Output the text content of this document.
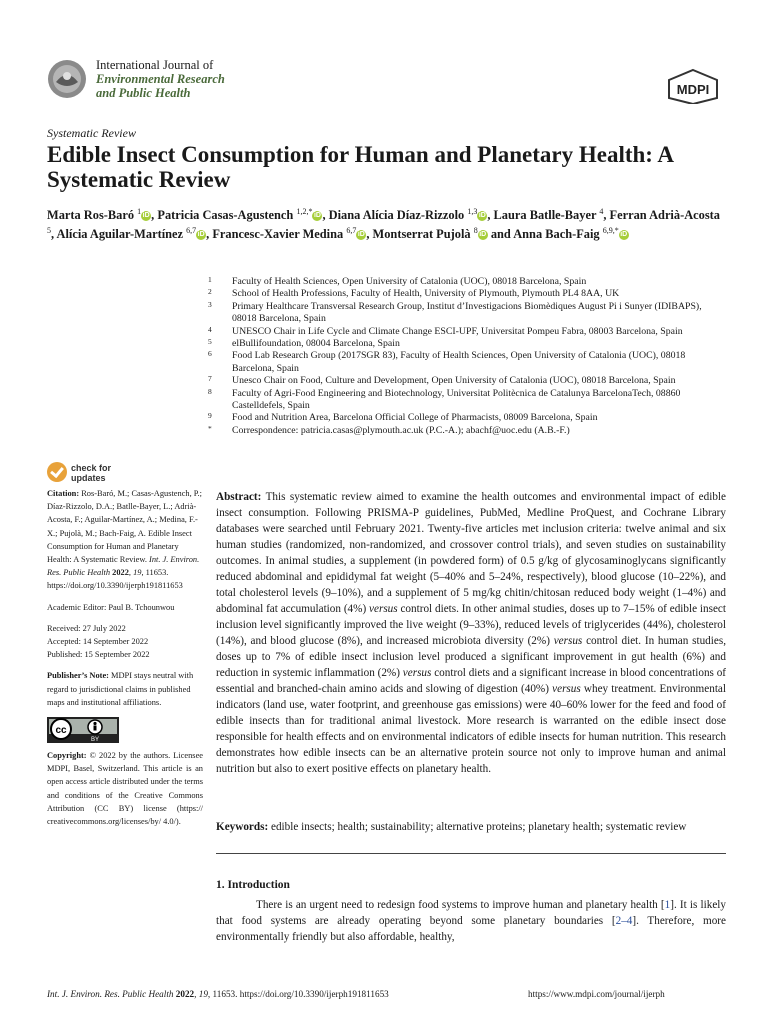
International Journal of
Environmental Research
and Public Health	MDPI
Systematic Review
Edible Insect Consumption for Human and Planetary Health: A Systematic Review
Marta Ros-Baró $^1$ iD , Patricia Casas-Agustench $^{1,2,*}$ iD , Diana Alícia Díaz-Rizzolo $^{1,3}$ iD , Laura Batlle-Bayer $^4$, Ferran Adrià-Acosta $^5$, Alícia Aguilar-Martínez $^{6,7}$ iD , Francesc-Xavier Medina $^{6,7}$ iD , Montserrat Pujolà $^8$ iD and Anna Bach-Faig $^{6,9,*}$ iD
1 Faculty of Health Sciences, Open University of Catalonia (UOC), 08018 Barcelona, Spain
2 School of Health Professions, Faculty of Health, University of Plymouth, Plymouth PL4 8AA, UK
3 Primary Healthcare Transversal Research Group, Institut d’Investigacions Biomèdiques August Pi i Sunyer (IDIBAPS), 08018 Barcelona, Spain
4 UNESCO Chair in Life Cycle and Climate Change ESCI-UPF, Universitat Pompeu Fabra, 08003 Barcelona, Spain
5 elBullifoundation, 08004 Barcelona, Spain
6 Food Lab Research Group (2017SGR 83), Faculty of Health Sciences, Open University of Catalonia (UOC), 08018 Barcelona, Spain
7 Unesco Chair on Food, Culture and Development, Open University of Catalonia (UOC), 08018 Barcelona, Spain
8 Faculty of Agri-Food Engineering and Biotechnology, Universitat Politècnica de Catalunya BarcelonaTech, 08860 Castelldefels, Spain
9 Food and Nutrition Area, Barcelona Official College of Pharmacists, 08009 Barcelona, Spain
* Correspondence: patricia.casas@plymouth.ac.uk (P.C.-A.); abachf@uoc.edu (A.B.-F.)
check for
updates

Citation: Ros-Baró, M.; Casas-Agustench, P.; Díaz-Rizzolo, D.A.; Batlle-Bayer, L.; Adrià-Acosta, F.; Aguilar-Martínez, A.; Medina, F.-X.; Pujolà, M.; Bach-Faig, A. Edible Insect Consumption for Human and Planetary Health: A Systematic Review. Int. J. Environ. Res. Public Health 2022, 19, 11653. https://doi.org/10.3390/ijerph191811653

Academic Editor: Paul B. Tchounwou

Received: 27 July 2022

Accepted: 14 September 2022

Published: 15 September 2022

Publisher’s Note: MDPI stays neutral with regard to jurisdictional claims in published maps and institutional affiliations.

cc
BY

Copyright: © 2022 by the authors. Licensee MDPI, Basel, Switzerland. This article is an open access article distributed under the terms and conditions of the Creative Commons Attribution (CC BY) license (https:// creativecommons.org/licenses/by/ 4.0/).

Abstract: This systematic review aimed to examine the health outcomes and environmental impact of edible insect consumption. Following PRISMA-P guidelines, PubMed, Medline ProQuest, and Cochrane Library databases were searched until February 2021. Twenty-five articles met inclusion criteria: twelve animal and six human studies (randomized, non-randomized, and crossover control trials), and seven studies on sustainability outcomes. In animal studies, a supplement (in powdered form) of 0.5 g/kg of glycosaminoglycans significantly reduced abdominal and epididymal fat weight (5–40% and 5–24%, respectively), blood glucose (10–22%), and total cholesterol levels (9–10%), and a supplement of 5 mg/kg chitin/chitosan reduced body weight (1–4%) and abdominal fat accumulation (4%) versus control diets. In other animal studies, doses up to 7–15% of edible insect inclusion level significantly improved the live weight (9–33%), reduced levels of triglycerides (44%), cholesterol (14%), and blood glucose (8%), and increased microbiota diversity (2%) versus control diet. In human studies, doses up to 7% of edible insect inclusion level produced a significant improvement in gut health (6%) and reduction in systemic inflammation (2%) versus control diets and a significant increase in blood concentrations of essential and branched-chain amino acids and slowing of digestion (40%) versus whey treatment. Environmental indicators (land use, water footprint, and greenhouse gas emissions) were 40–60% lower for the feed and food of edible insects than for traditional animal livestock. More research is warranted on the edible insect dose responsible for health effects and on environmental indicators of edible insects for human nutrition. This research demonstrates how edible insects can be an alternative protein source not only to improve human and animal nutrition but also to exert positive effects on planetary health.
Keywords: edible insects; health; sustainability; alternative proteins; planetary health; systematic review
1. Introduction
There is an urgent need to redesign food systems to improve human and planetary health [1]. It is likely that food systems are already operating beyond some planetary boundaries [2–4]. Therefore, more environmentally friendly but also affordable, healthy,
Int. J. Environ. Res. Public Health 2022, 19, 11653. https://doi.org/10.3390/ijerph191811653	https://www.mdpi.com/journal/ijerph
